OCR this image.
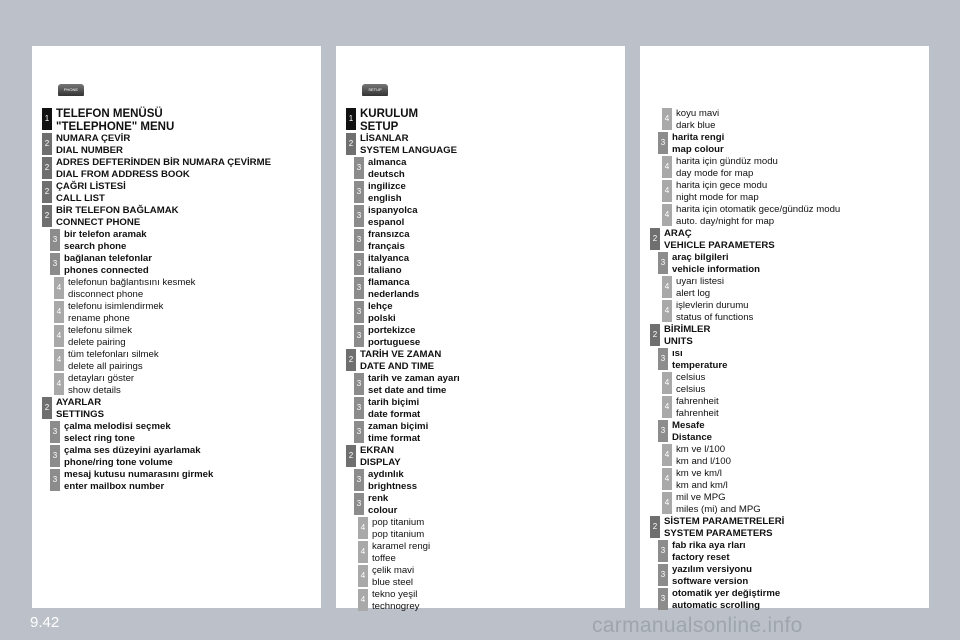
PHONE
1 TELEFON MENÜSÜ
"TELEPHONE" MENU
2 NUMARA ÇEVİR
DIAL NUMBER
2 ADRES DEFTERİNDEN BİR NUMARA ÇEVİRME
DIAL FROM ADDRESS BOOK
2 ÇAĞRI LİSTESİ
CALL LIST
2 BİR TELEFON BAĞLAMAK
CONNECT PHONE
3 bir telefon aramak
search phone
3 bağlanan telefonlar
phones connected
4 telefonun bağlantısını kesmek
disconnect phone
4 telefonu isimlendirmek
rename phone
4 telefonu silmek
delete pairing
4 tüm telefonları silmek
delete all pairings
4 detayları göster
show details
2 AYARLAR
SETTINGS
3 çalma melodisi seçmek
select ring tone
3 çalma ses düzeyini ayarlamak
phone/ring tone volume
3 mesaj kutusu numarasını girmek
enter mailbox number
SETUP
1 KURULUM
SETUP
2 LİSANLAR
SYSTEM LANGUAGE
3 almanca
deutsch
3 ingilizce
english
3 ispanyolca
espanol
3 fransızca
français
3 italyanca
italiano
3 flamanca
nederlands
3 lehçe
polski
3 portekizce
portuguese
2 TARİH VE ZAMAN
DATE AND TIME
3 tarih ve zaman ayarı
set date and time
3 tarih biçimi
date format
3 zaman biçimi
time format
2 EKRAN
DISPLAY
3 aydınlık
brightness
3 renk
colour
4 pop titanium
pop titanium
4 karamel rengi
toffee
4 çelik mavi
blue steel
4 tekno yeşil
technogrey
4 koyu mavi
dark blue
3 harita rengi
map colour
4 harita için gündüz modu
day mode for map
4 harita için gece modu
night mode for map
4 harita için otomatik gece/gündüz modu
auto. day/night for map
2 ARAÇ
VEHICLE PARAMETERS
3 araç bilgileri
vehicle information
4 uyarı listesi
alert log
4 işlevlerin durumu
status of functions
2 BİRİMLER
UNITS
3 ısı
temperature
4 celsius
celsius
4 fahrenheit
fahrenheit
3 Mesafe
Distance
4 km ve l/100
km and l/100
4 km ve km/l
km and km/l
4 mil ve MPG
miles (mi) and MPG
2 SİSTEM PARAMETRELERİ
SYSTEM PARAMETERS
3 fab rika aya rları
factory reset
3 yazılım versiyonu
software version
3 otomatik yer değiştirme
automatic scrolling
9.42	carmanualsonline.info
